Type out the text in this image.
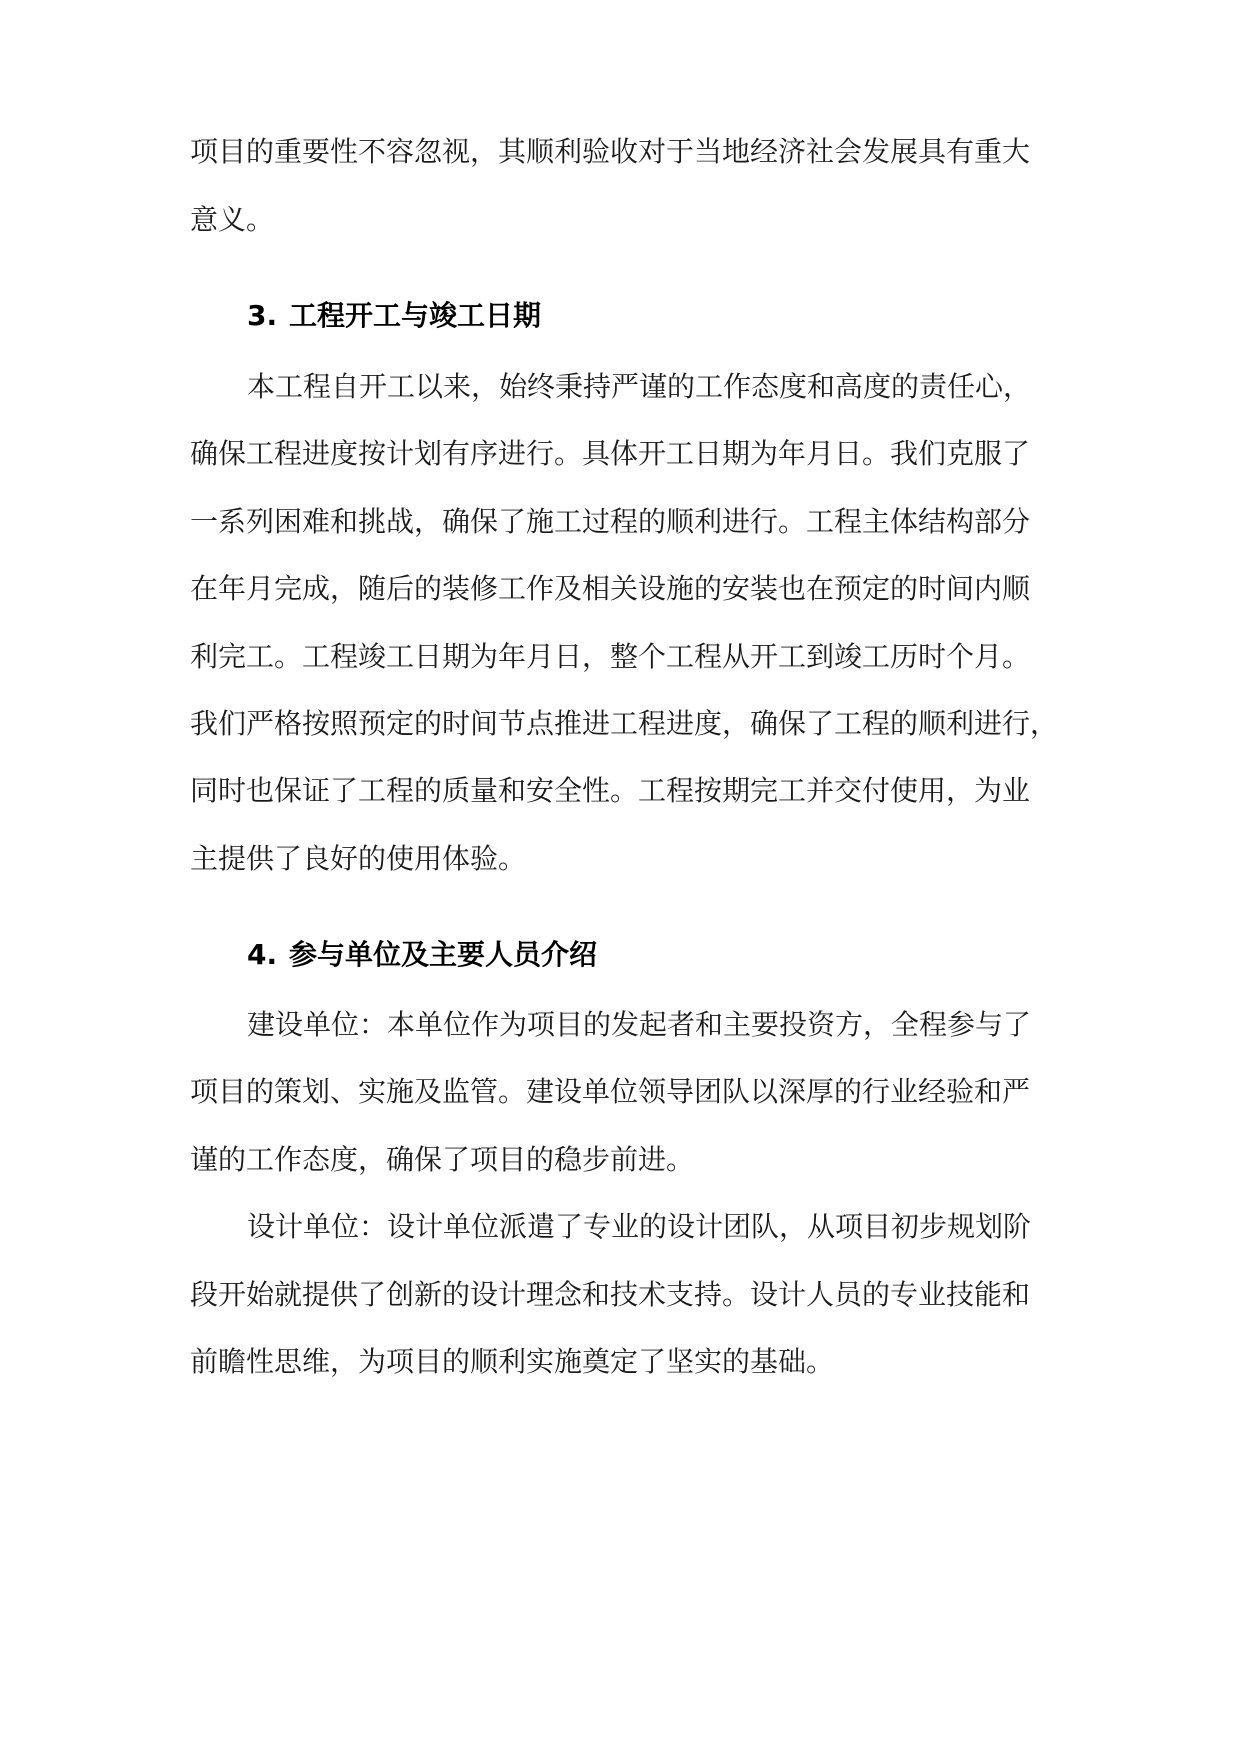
项目的重要性不容忽视，其顺利验收对于当地经济社会发展具有重大
意义。
3. 工程开工与竣工日期
本工程自开工以来，始终秉持严谨的工作态度和高度的责任心，
确保工程进度按计划有序进行。具体开工日期为年月日。我们克服了
一系列困难和挑战，确保了施工过程的顺利进行。工程主体结构部分
在年月完成，随后的装修工作及相关设施的安装也在预定的时间内顺
利完工。工程竣工日期为年月日，整个工程从开工到竣工历时个月。
我们严格按照预定的时间节点推进工程进度，确保了工程的顺利进行，
同时也保证了工程的质量和安全性。工程按期完工并交付使用，为业
主提供了良好的使用体验。
4. 参与单位及主要人员介绍
建设单位：本单位作为项目的发起者和主要投资方，全程参与了
项目的策划、实施及监管。建设单位领导团队以深厚的行业经验和严
谨的工作态度，确保了项目的稳步前进。
设计单位：设计单位派遣了专业的设计团队，从项目初步规划阶
段开始就提供了创新的设计理念和技术支持。设计人员的专业技能和
前瞻性思维，为项目的顺利实施奠定了坚实的基础。
